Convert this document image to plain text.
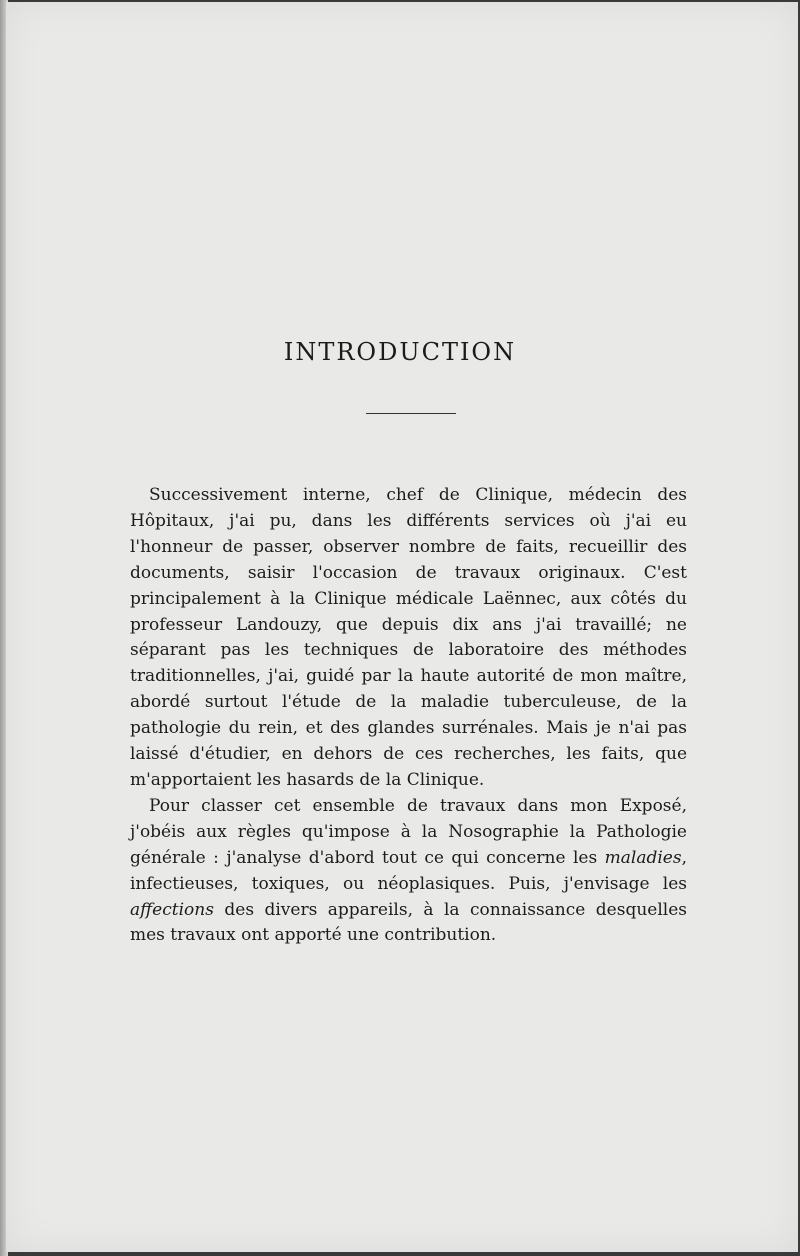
INTRODUCTION

Successivement interne, chef de Clinique, médecin des Hôpitaux, j'ai pu, dans les différents services où j'ai eu l'honneur de passer, observer nombre de faits, recueillir des documents, saisir l'occasion de travaux originaux. C'est principalement à la Clinique médicale Laënnec, aux côtés du professeur Landouzy, que depuis dix ans j'ai travaillé; ne séparant pas les techniques de laboratoire des méthodes traditionnelles, j'ai, guidé par la haute autorité de mon maître, abordé surtout l'étude de la maladie tuberculeuse, de la pathologie du rein, et des glandes surrénales. Mais je n'ai pas laissé d'étudier, en dehors de ces recherches, les faits, que m'apportaient les hasards de la Clinique.

Pour classer cet ensemble de travaux dans mon Exposé, j'obéis aux règles qu'impose à la Nosographie la Pathologie générale : j'analyse d'abord tout ce qui concerne les maladies, infectieuses, toxiques, ou néoplasiques. Puis, j'envisage les affections des divers appareils, à la connaissance desquelles mes travaux ont apporté une contribution.
